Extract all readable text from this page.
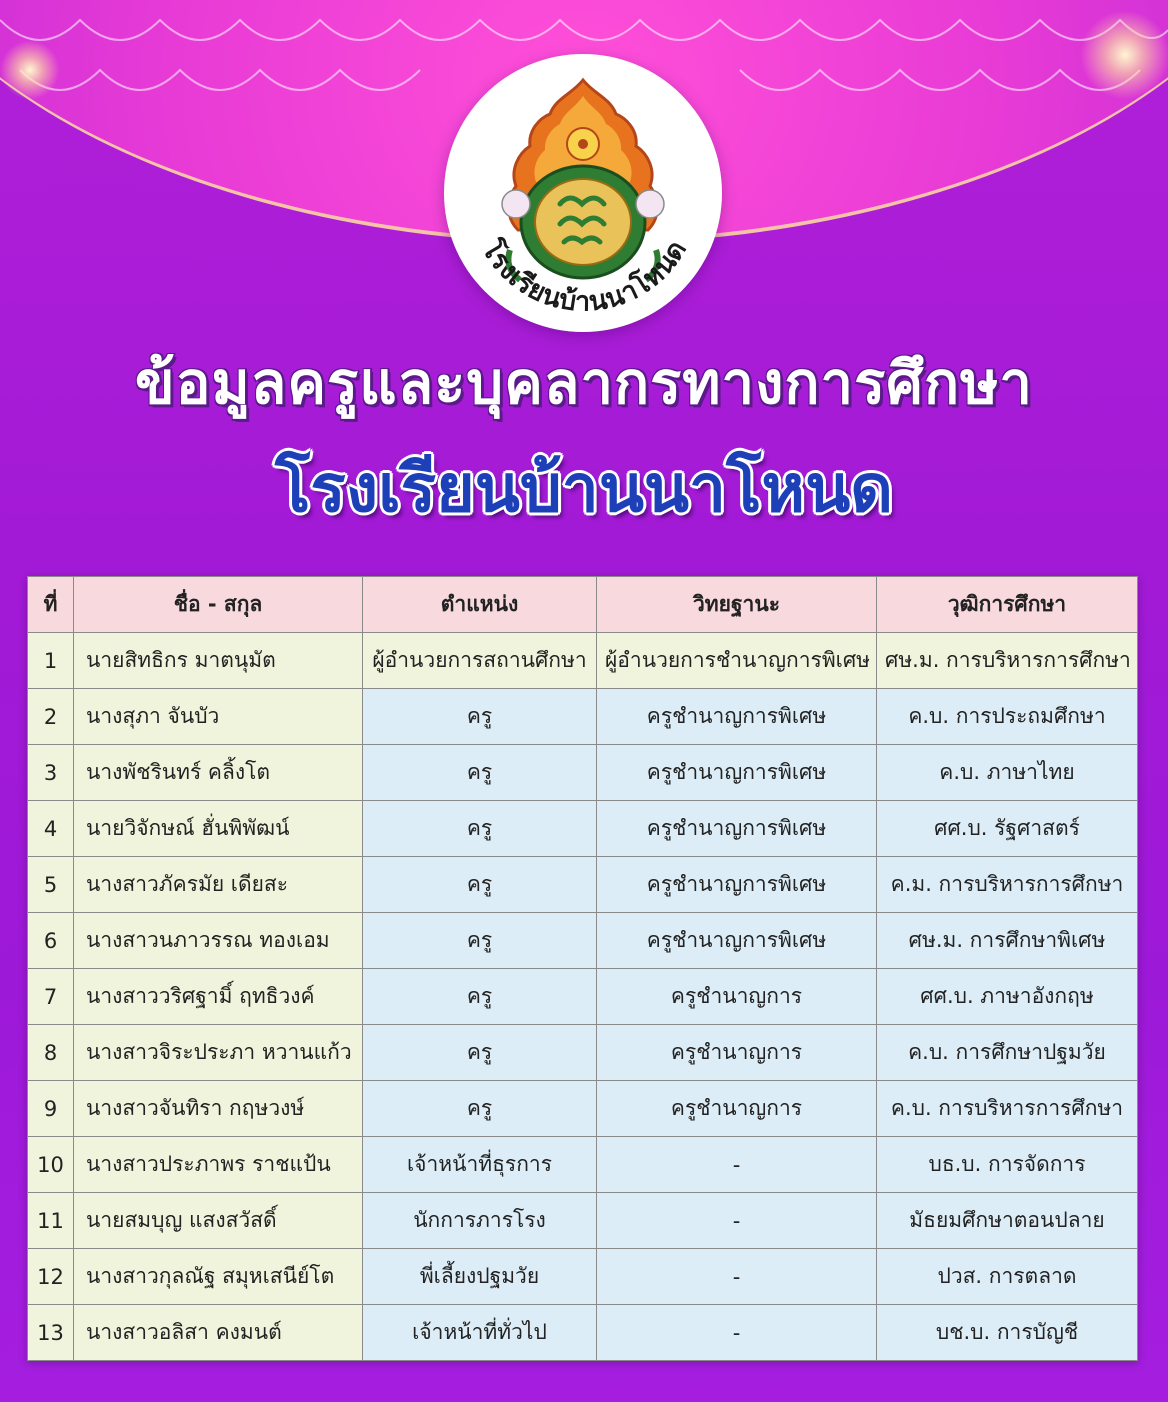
โรงเรียนบ้านนาโหนด
ข้อมูลครูและบุคลากรทางการศึกษา
โรงเรียนบ้านนาโหนด
ที่	ชื่อ - สกุล	ตำแหน่ง	วิทยฐานะ	วุฒิการศึกษา
1	นายสิทธิกร มาตนุมัต	ผู้อำนวยการสถานศึกษา	ผู้อำนวยการชำนาญการพิเศษ	ศษ.ม. การบริหารการศึกษา
2	นางสุภา จันบัว	ครู	ครูชำนาญการพิเศษ	ค.บ. การประถมศึกษา
3	นางพัชรินทร์ คลิ้งโต	ครู	ครูชำนาญการพิเศษ	ค.บ. ภาษาไทย
4	นายวิจักษณ์ ฮั่นพิพัฒน์	ครู	ครูชำนาญการพิเศษ	ศศ.บ. รัฐศาสตร์
5	นางสาวภัครมัย เดียสะ	ครู	ครูชำนาญการพิเศษ	ค.ม. การบริหารการศึกษา
6	นางสาวนภาวรรณ ทองเอม	ครู	ครูชำนาญการพิเศษ	ศษ.ม. การศึกษาพิเศษ
7	นางสาววริศฐามิ์ ฤทธิวงค์	ครู	ครูชำนาญการ	ศศ.บ. ภาษาอังกฤษ
8	นางสาวจิระประภา หวานแก้ว	ครู	ครูชำนาญการ	ค.บ. การศึกษาปฐมวัย
9	นางสาวจันทิรา กฤษวงษ์	ครู	ครูชำนาญการ	ค.บ. การบริหารการศึกษา
10	นางสาวประภาพร ราชแป้น	เจ้าหน้าที่ธุรการ	-	บธ.บ. การจัดการ
11	นายสมบุญ แสงสวัสดิ์	นักการภารโรง	-	มัธยมศึกษาตอนปลาย
12	นางสาวกุลณัฐ สมุหเสนีย์โต	พี่เลี้ยงปฐมวัย	-	ปวส. การตลาด
13	นางสาวอลิสา คงมนต์	เจ้าหน้าที่ทั่วไป	-	บช.บ. การบัญชี
